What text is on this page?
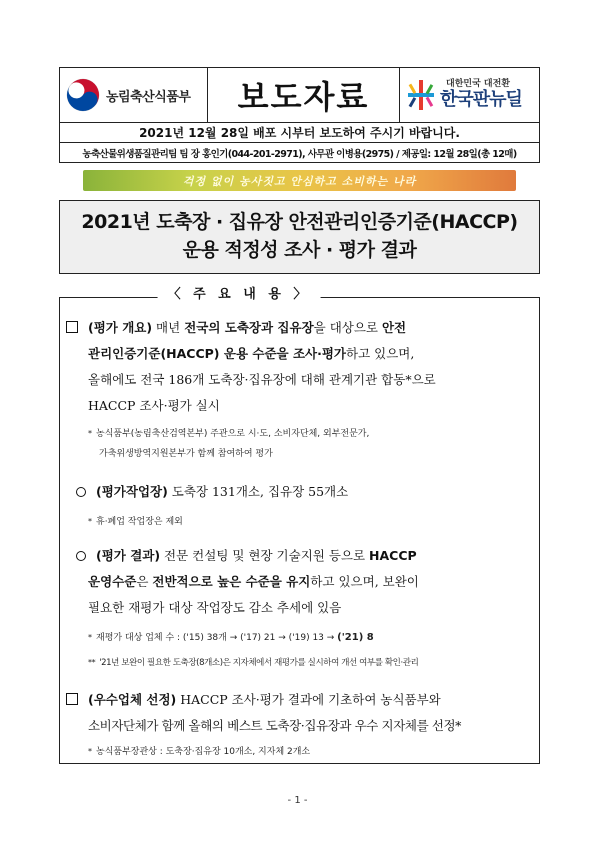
농림축산식품부 보도자료	대한민국 대전환
한국판뉴딜
2021년 12월 28일 배포 시부터 보도하여 주시기 바랍니다.
농축산물위생품질관리팀 팀 장 홍인기(044-201-2971), 사무관 이병용(2975) / 제공일: 12월 28일(총 12매)
걱정 없이 농사짓고 안심하고 소비하는 나라
2021년 도축장 · 집유장 안전관리인증기준(HACCP)
운용 적정성 조사 · 평가 결과
〈 주 요 내 용 〉
(평가 개요) 매년 전국의 도축장과 집유장을 대상으로 안전
관리인증기준(HACCP) 운용 수준을 조사·평가하고 있으며,
올해에도 전국 186개 도축장·집유장에 대해 관계기관 합동*으로
HACCP 조사·평가 실시
* 농식품부(농림축산검역본부) 주관으로 시·도, 소비자단체, 외부전문가,
가축위생방역지원본부가 함께 참여하여 평가
(평가작업장) 도축장 131개소, 집유장 55개소
* 휴·폐업 작업장은 제외
(평가 결과) 전문 컨설팅 및 현장 기술지원 등으로 HACCP
운영수준은 전반적으로 높은 수준을 유지하고 있으며, 보완이
필요한 재평가 대상 작업장도 감소 추세에 있음
* 재평가 대상 업체 수 : ('15) 38개 → ('17) 21 → ('19) 13 → ('21) 8
** '21년 보완이 필요한 도축장(8개소)은 지자체에서 재평가를 실시하여 개선 여부를 확인·관리
(우수업체 선정) HACCP 조사·평가 결과에 기초하여 농식품부와
소비자단체가 함께 올해의 베스트 도축장·집유장과 우수 지자체를 선정*
* 농식품부장관상 : 도축장·집유장 10개소, 지자체 2개소
- 1 -
